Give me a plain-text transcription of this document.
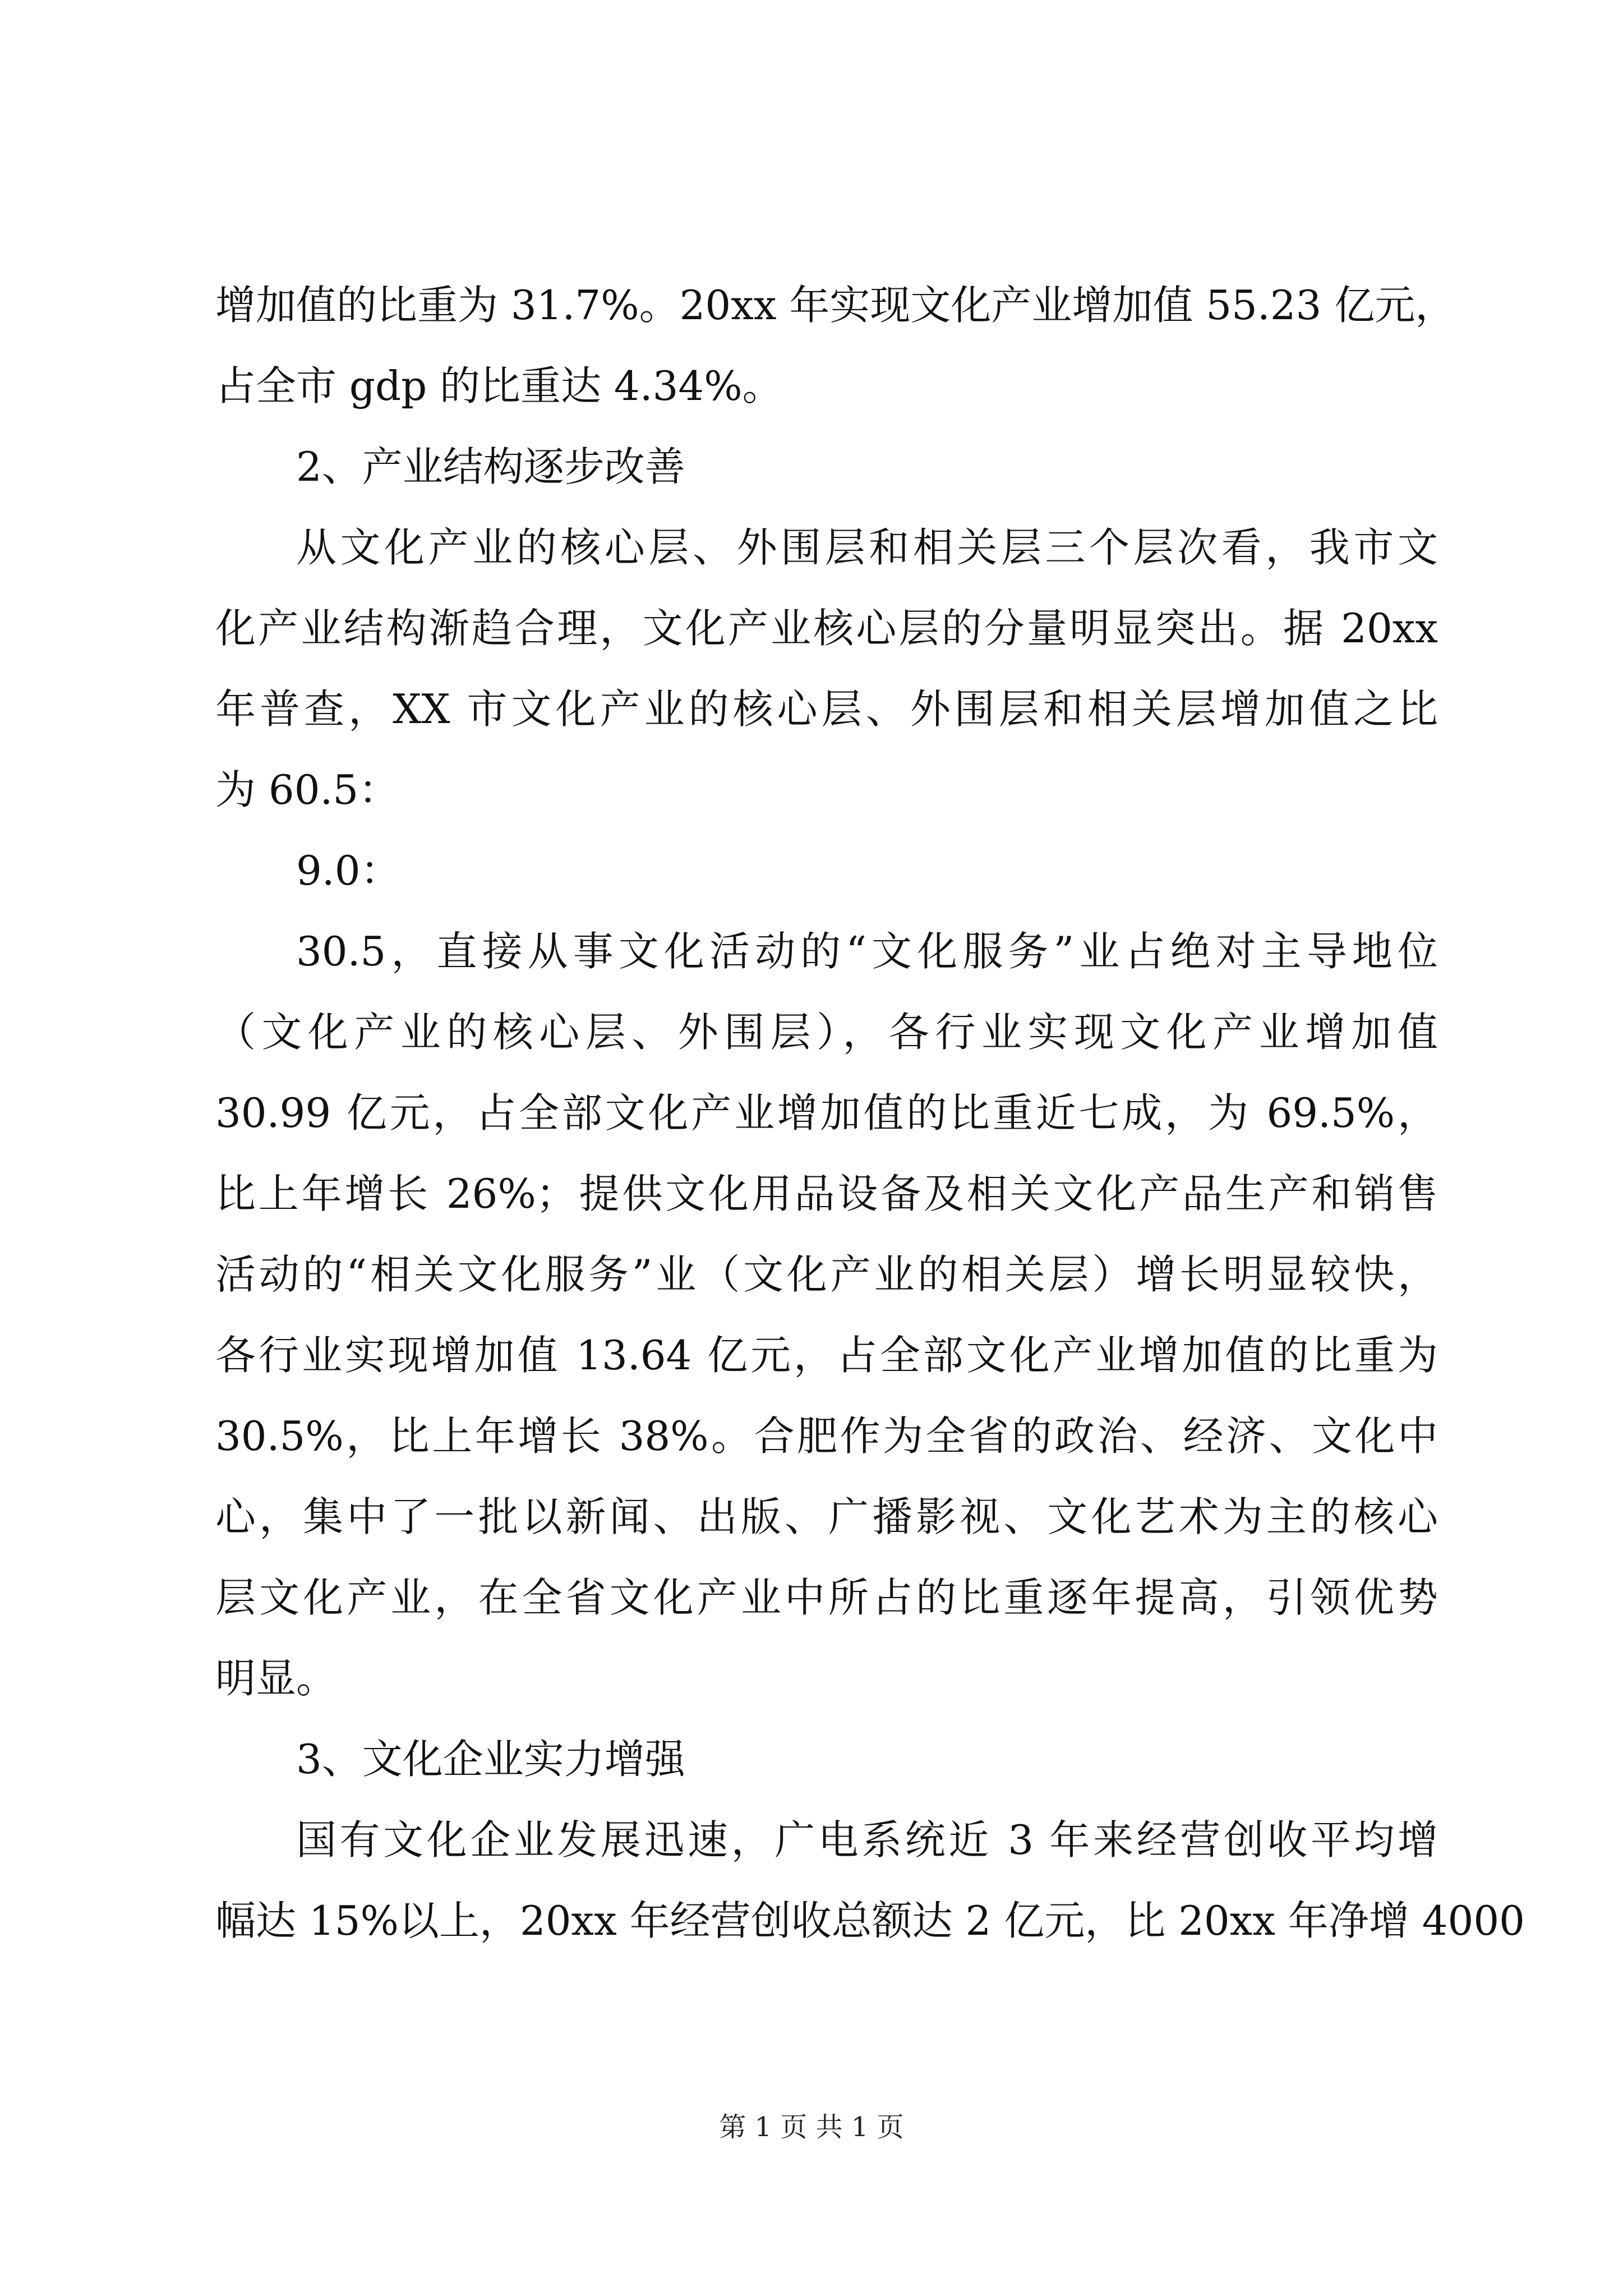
增加值的比重为 31.7%。20xx 年实现文化产业增加值 55.23 亿元，
占全市 gdp 的比重达 4.34%。
2、产业结构逐步改善
从文化产业的核心层、外围层和相关层三个层次看，我市文
化产业结构渐趋合理，文化产业核心层的分量明显突出。据 20xx
年普查，XX 市文化产业的核心层、外围层和相关层增加值之比
为 60.5：
9.0：
30.5，直接从事文化活动的“文化服务”业占绝对主导地位
（文化产业的核心层、外围层），各行业实现文化产业增加值
30.99 亿元，占全部文化产业增加值的比重近七成，为 69.5%，
比上年增长 26%；提供文化用品设备及相关文化产品生产和销售
活动的“相关文化服务”业（文化产业的相关层）增长明显较快，
各行业实现增加值 13.64 亿元，占全部文化产业增加值的比重为
30.5%，比上年增长 38%。合肥作为全省的政治、经济、文化中
心，集中了一批以新闻、出版、广播影视、文化艺术为主的核心
层文化产业，在全省文化产业中所占的比重逐年提高，引领优势
明显。
3、文化企业实力增强
国有文化企业发展迅速，广电系统近 3 年来经营创收平均增
幅达 15%以上，20xx 年经营创收总额达 2 亿元，比 20xx 年净增 4000
第 1 页 共 1 页
